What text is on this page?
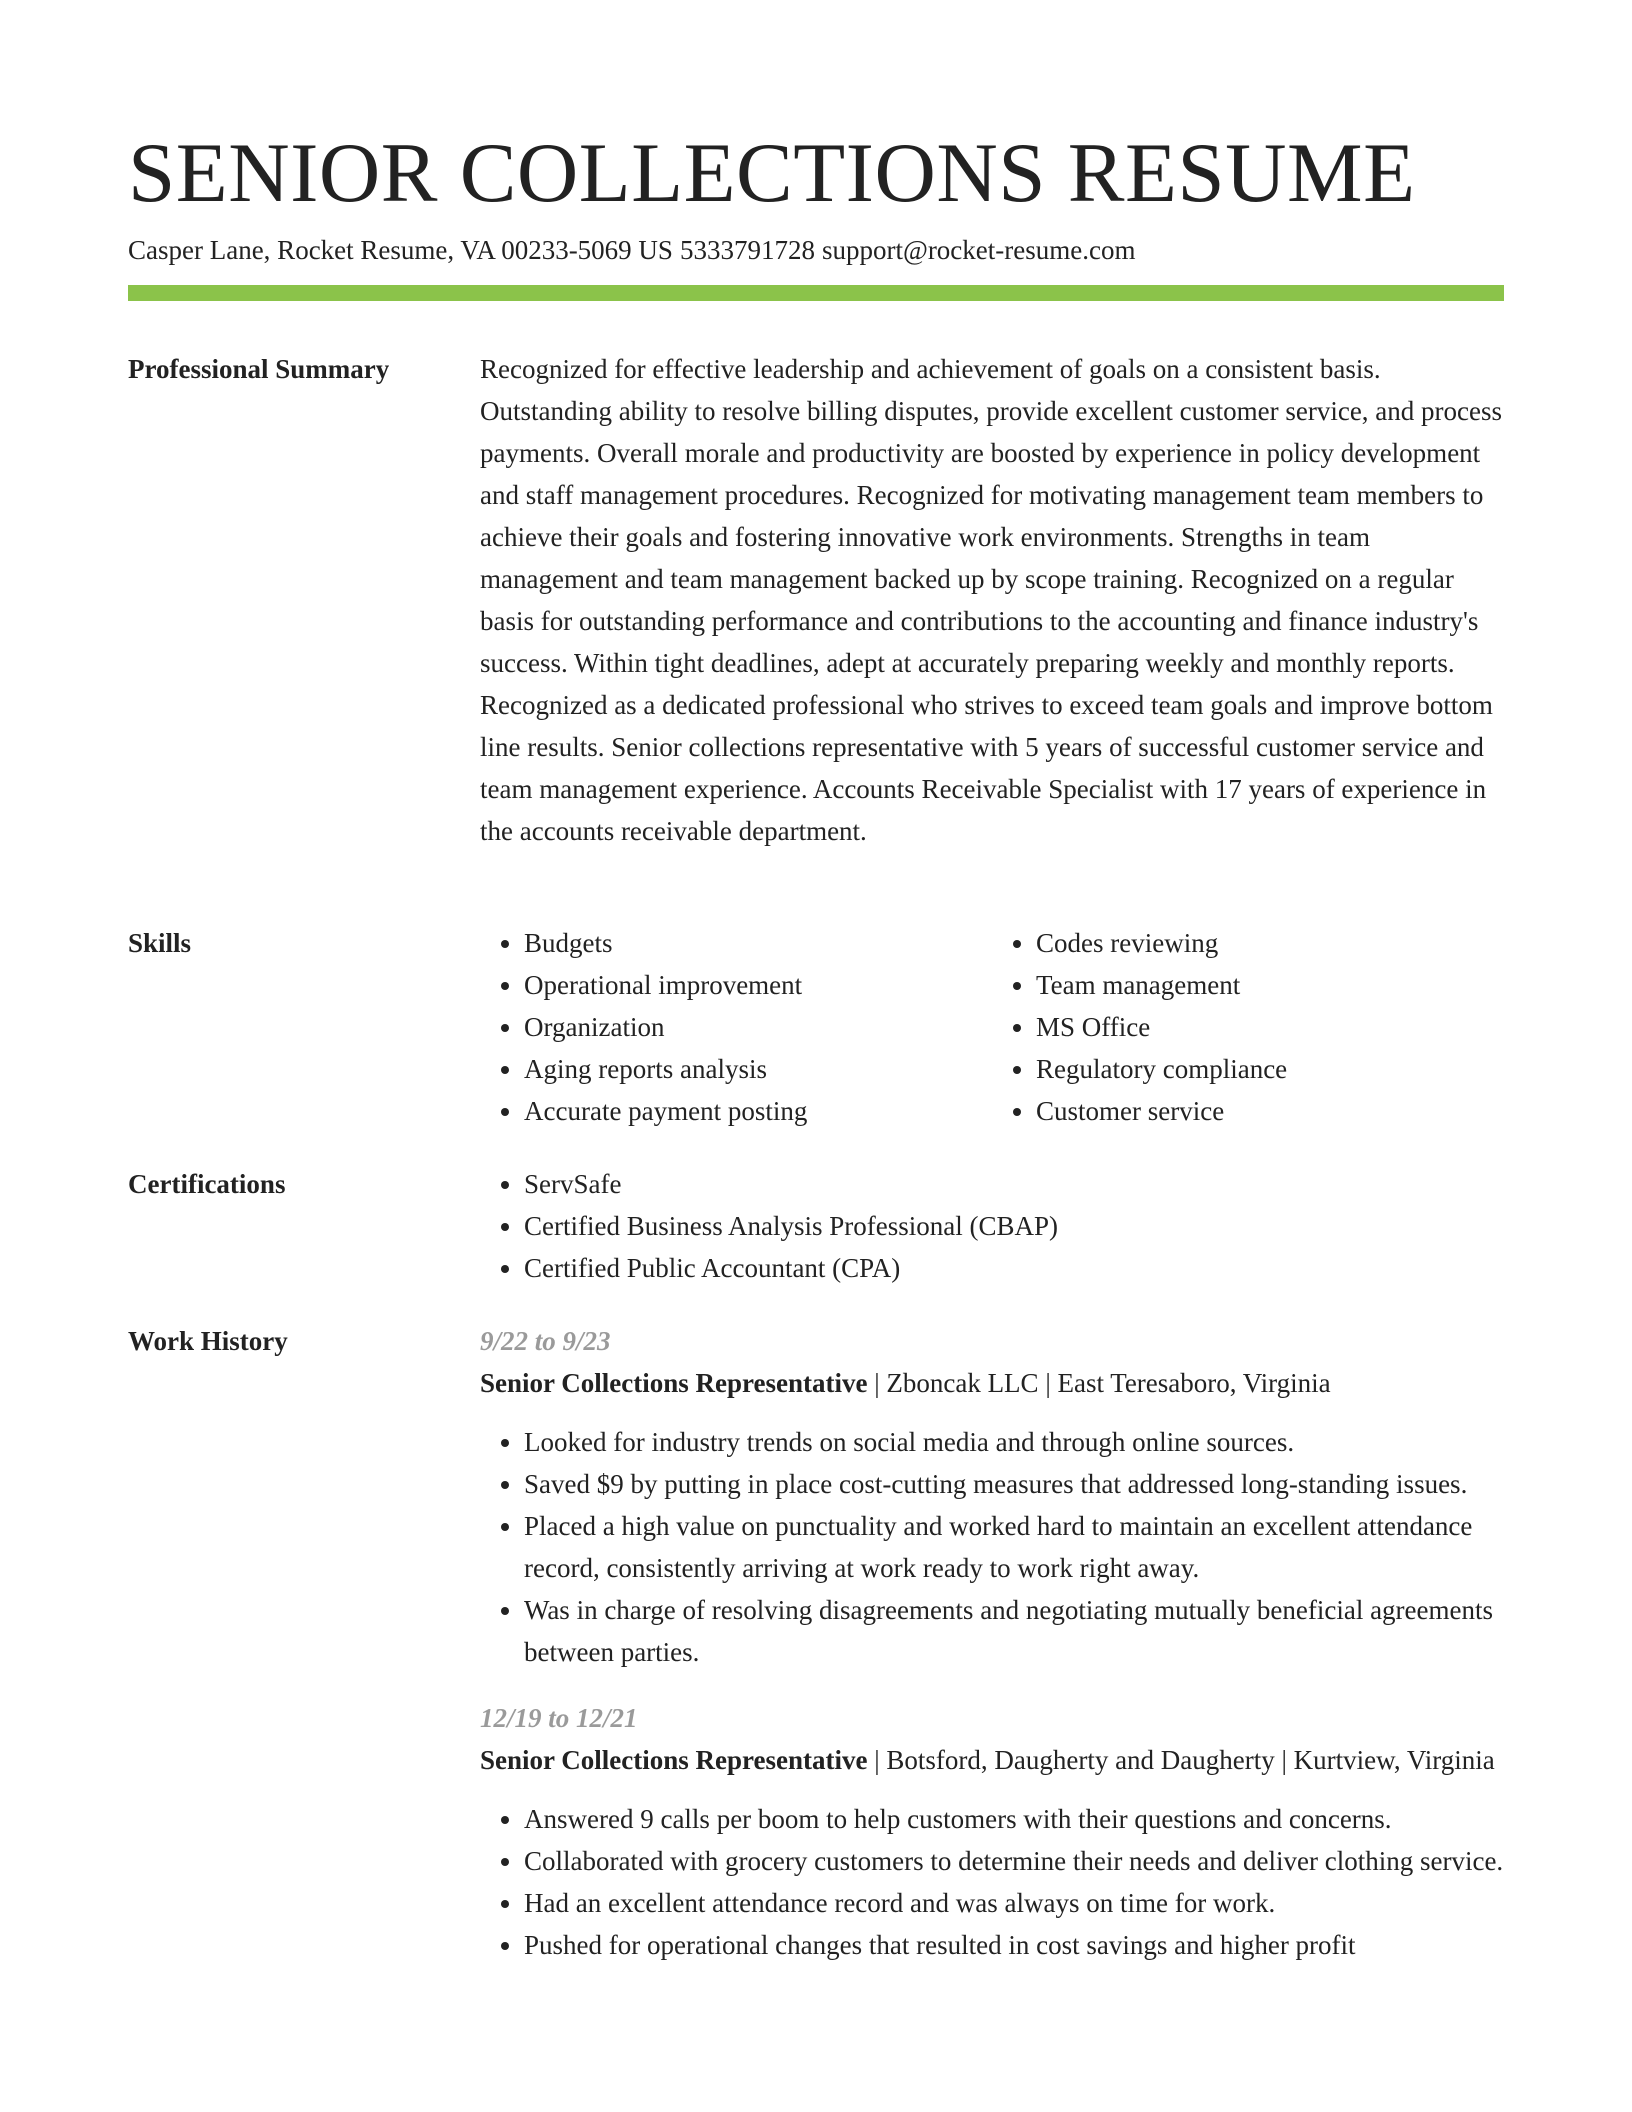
SENIOR COLLECTIONS RESUME
Casper Lane, Rocket Resume, VA 00233-5069 US 5333791728 support@rocket-resume.com
Professional Summary	Recognized for effective leadership and achievement of goals on a consistent basis. Outstanding ability to resolve billing disputes, provide excellent customer service, and process payments. Overall morale and productivity are boosted by experience in policy development and staff management procedures. Recognized for motivating management team members to achieve their goals and fostering innovative work environments. Strengths in team management and team management backed up by scope training. Recognized on a regular basis for outstanding performance and contributions to the accounting and finance industry's success. Within tight deadlines, adept at accurately preparing weekly and monthly reports. Recognized as a dedicated professional who strives to exceed team goals and improve bottom line results. Senior collections representative with 5 years of successful customer service and team management experience. Accounts Receivable Specialist with 17 years of experience in the accounts receivable department.

Skills	• Budgets
• Operational improvement
• Organization
• Aging reports analysis
• Accurate payment posting
• Codes reviewing
• Team management
• MS Office
• Regulatory compliance
• Customer service
Certifications	• ServSafe
• Certified Business Analysis Professional (CBAP)
• Certified Public Accountant (CPA)
Work History	9/22 to 9/23

Senior Collections Representative | Zboncak LLC | East Teresaboro, Virginia

• Looked for industry trends on social media and through online sources.
• Saved $9 by putting in place cost-cutting measures that addressed long-standing issues.
• Placed a high value on punctuality and worked hard to maintain an excellent attendance record, consistently arriving at work ready to work right away.
• Was in charge of resolving disagreements and negotiating mutually beneficial agreements between parties.

12/19 to 12/21

Senior Collections Representative | Botsford, Daugherty and Daugherty | Kurtview, Virginia

• Answered 9 calls per boom to help customers with their questions and concerns.
• Collaborated with grocery customers to determine their needs and deliver clothing service.
• Had an excellent attendance record and was always on time for work.
• Pushed for operational changes that resulted in cost savings and higher profit
